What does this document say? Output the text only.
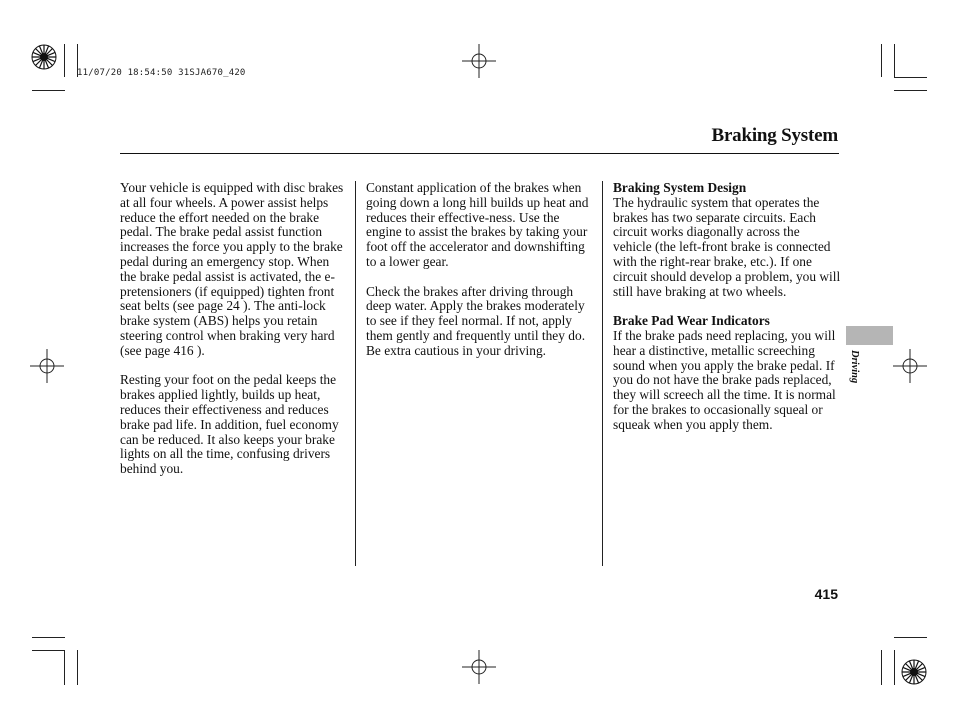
11/07/20 18:54:50 31SJA670_420
Braking System

Your vehicle is equipped with disc brakes at all four wheels. A power assist helps reduce the effort needed on the brake pedal. The brake pedal assist function increases the force you apply to the brake pedal during an emergency stop. When the brake pedal assist is activated, the e-pretensioners (if equipped) tighten front seat belts (see page 24 ). The anti-lock brake system (ABS) helps you retain steering control when braking very hard (see page 416 ).

Resting your foot on the pedal keeps the brakes applied lightly, builds up heat, reduces their effectiveness and reduces brake pad life. In addition, fuel economy can be reduced. It also keeps your brake lights on all the time, confusing drivers behind you.

Constant application of the brakes when going down a long hill builds up heat and reduces their effective-ness. Use the engine to assist the brakes by taking your foot off the accelerator and downshifting to a lower gear.

Check the brakes after driving through deep water. Apply the brakes moderately to see if they feel normal. If not, apply them gently and frequently until they do. Be extra cautious in your driving.

Braking System Design

The hydraulic system that operates the brakes has two separate circuits. Each circuit works diagonally across the vehicle (the left-front brake is connected with the right-rear brake, etc.). If one circuit should develop a problem, you will still have braking at two wheels.

Brake Pad Wear Indicators

If the brake pads need replacing, you will hear a distinctive, metallic screeching sound when you apply the brake pedal. If you do not have the brake pads replaced, they will screech all the time. It is normal for the brakes to occasionally squeal or squeak when you apply them.

Driving
415
